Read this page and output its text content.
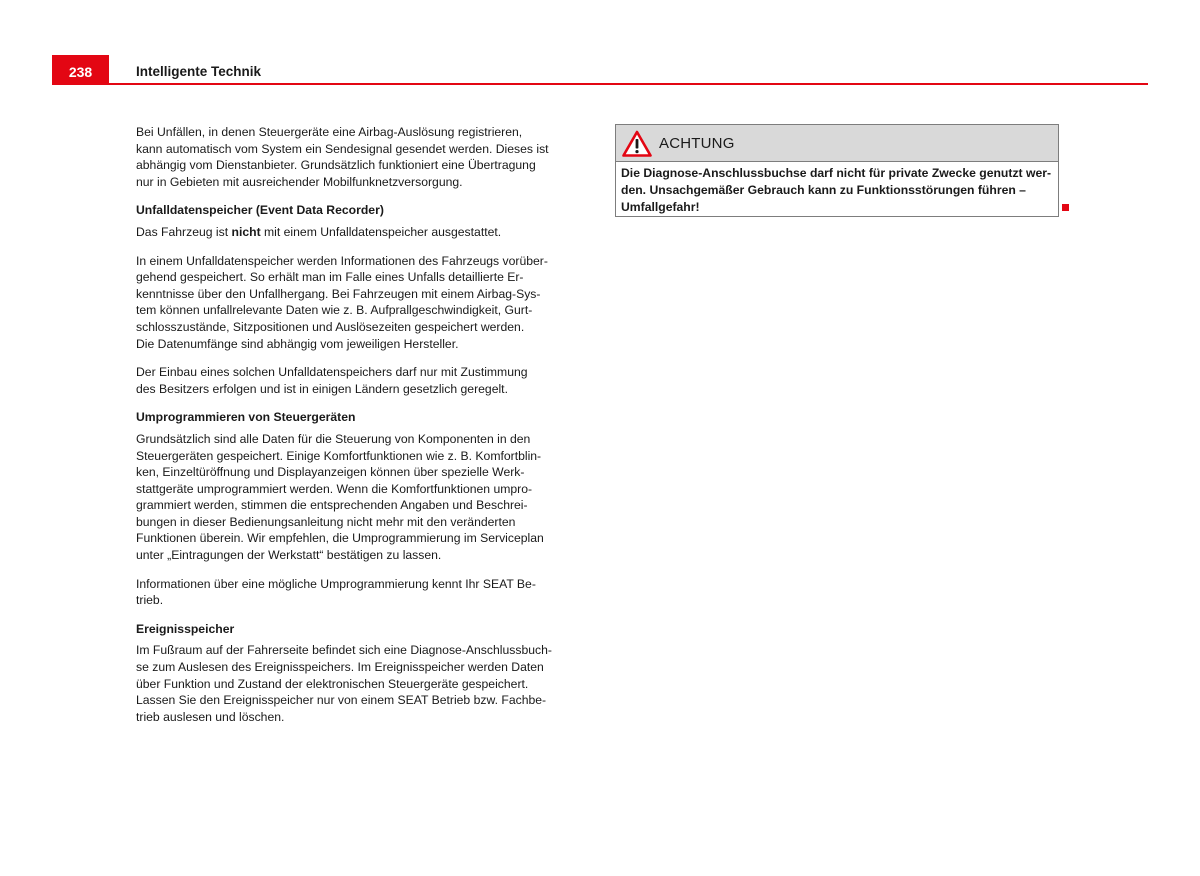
238	Intelligente Technik

Bei Unfällen, in denen Steuergeräte eine Airbag-Auslösung registrieren,
kann automatisch vom System ein Sendesignal gesendet werden. Dieses ist
abhängig vom Dienstanbieter. Grundsätzlich funktioniert eine Übertragung
nur in Gebieten mit ausreichender Mobilfunknetzversorgung.

Unfalldatenspeicher (Event Data Recorder)

Das Fahrzeug ist nicht mit einem Unfalldatenspeicher ausgestattet.

In einem Unfalldatenspeicher werden Informationen des Fahrzeugs vorüber-
gehend gespeichert. So erhält man im Falle eines Unfalls detaillierte Er-
kenntnisse über den Unfallhergang. Bei Fahrzeugen mit einem Airbag-Sys-
tem können unfallrelevante Daten wie z. B. Aufprallgeschwindigkeit, Gurt-
schlosszustände, Sitzpositionen und Auslösezeiten gespeichert werden.
Die Datenumfänge sind abhängig vom jeweiligen Hersteller.

Der Einbau eines solchen Unfalldatenspeichers darf nur mit Zustimmung
des Besitzers erfolgen und ist in einigen Ländern gesetzlich geregelt.

Umprogrammieren von Steuergeräten

Grundsätzlich sind alle Daten für die Steuerung von Komponenten in den
Steuergeräten gespeichert. Einige Komfortfunktionen wie z. B. Komfortblin-
ken, Einzeltüröffnung und Displayanzeigen können über spezielle Werk-
stattgeräte umprogrammiert werden. Wenn die Komfortfunktionen umpro-
grammiert werden, stimmen die entsprechenden Angaben und Beschrei-
bungen in dieser Bedienungsanleitung nicht mehr mit den veränderten
Funktionen überein. Wir empfehlen, die Umprogrammierung im Serviceplan
unter „Eintragungen der Werkstatt“ bestätigen zu lassen.

Informationen über eine mögliche Umprogrammierung kennt Ihr SEAT Be-
trieb.

Ereignisspeicher

Im Fußraum auf der Fahrerseite befindet sich eine Diagnose-Anschlussbuch-
se zum Auslesen des Ereignisspeichers. Im Ereignisspeicher werden Daten
über Funktion und Zustand der elektronischen Steuergeräte gespeichert.
Lassen Sie den Ereignisspeicher nur von einem SEAT Betrieb bzw. Fachbe-
trieb auslesen und löschen.

ACHTUNG
Die Diagnose-Anschlussbuchse darf nicht für private Zwecke genutzt wer-
den. Unsachgemäßer Gebrauch kann zu Funktionsstörungen führen –
Umfallgefahr!
